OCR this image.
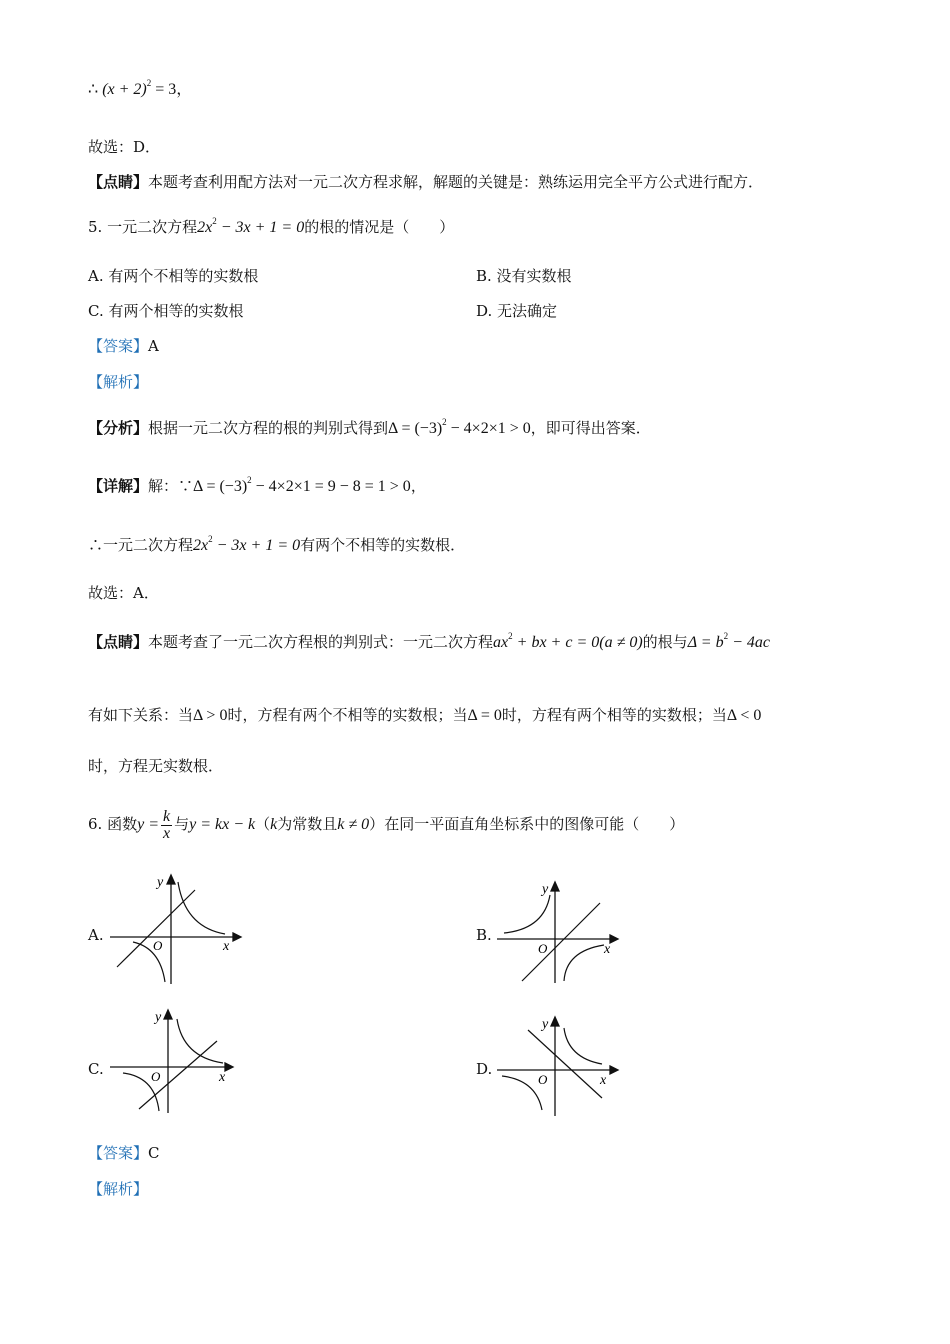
∴ $(x + 2)^2 = 3$，
故选：D．
【点睛】本题考查利用配方法对一元二次方程求解，解题的关键是：熟练运用完全平方公式进行配方．
5. 一元二次方程$2x^2 - 3x + 1 = 0$的根的情况是（　　）
A. 有两个不相等的实数根	B. 没有实数根
C. 有两个相等的实数根	D. 无法确定
【答案】A
【解析】
【分析】根据一元二次方程的根的判别式得到$\Delta = (-3)^2 - 4\times 2\times 1 > 0$，即可得出答案．
【详解】解：∵Δ = $(-3)^2 - 4\times 2\times 1 = 9 - 8 = 1 > 0$，
∴一元二次方程$2x^2 - 3x + 1 = 0$有两个不相等的实数根．
故选：A．
【点睛】本题考查了一元二次方程根的判别式：一元二次方程$ax^2$ + bx + c = 0(a ≠ 0)的根与$\Delta = b^2 - 4ac$
有如下关系：当Δ > 0时，方程有两个不相等的实数根；当Δ = 0时，方程有两个相等的实数根；当Δ < 0
时，方程无实数根．
6. 函数$y = \frac{k}{x}$ 与y = kx − k（k为常数且k ≠ 0）在同一平面直角坐标系中的图像可能（　　）
A.
O	x
y
B.
O	x
y
C.	O	x
y
D.
O	x
y
【答案】C
【解析】
